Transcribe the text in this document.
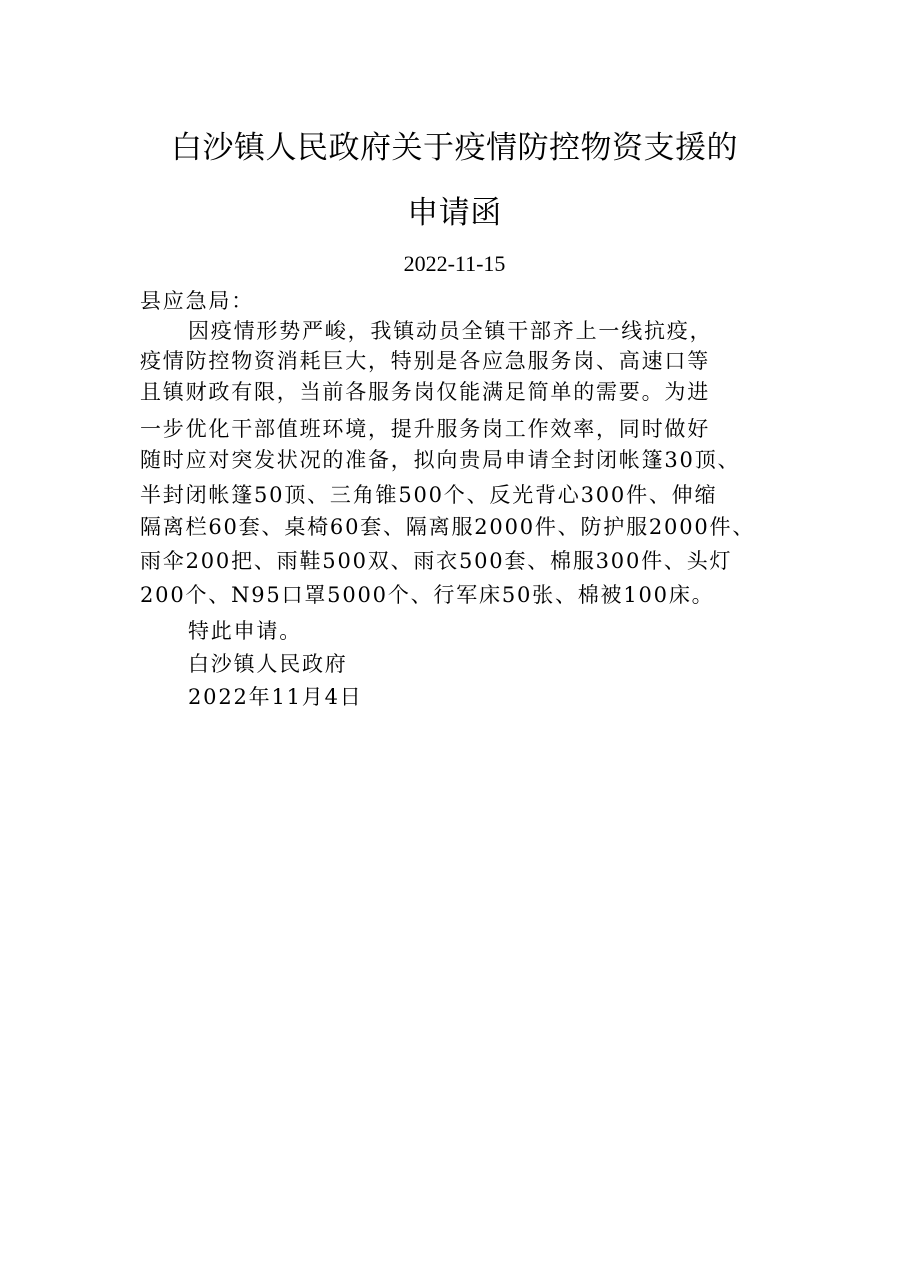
白沙镇人民政府关于疫情防控物资支援的
申请函
2022-11-15
县应急局：
因疫情形势严峻，我镇动员全镇干部齐上一线抗疫，
疫情防控物资消耗巨大，特别是各应急服务岗、高速口等
且镇财政有限，当前各服务岗仅能满足简单的需要。为进
一步优化干部值班环境，提升服务岗工作效率，同时做好
随时应对突发状况的准备，拟向贵局申请全封闭帐篷30顶、
半封闭帐篷50顶、三角锥500个、反光背心300件、伸缩
隔离栏60套、桌椅60套、隔离服2000件、防护服2000件、
雨伞200把、雨鞋500双、雨衣500套、棉服300件、头灯
200个、N95口罩5000个、行军床50张、棉被100床。
特此申请。
白沙镇人民政府
2022年11月4日
